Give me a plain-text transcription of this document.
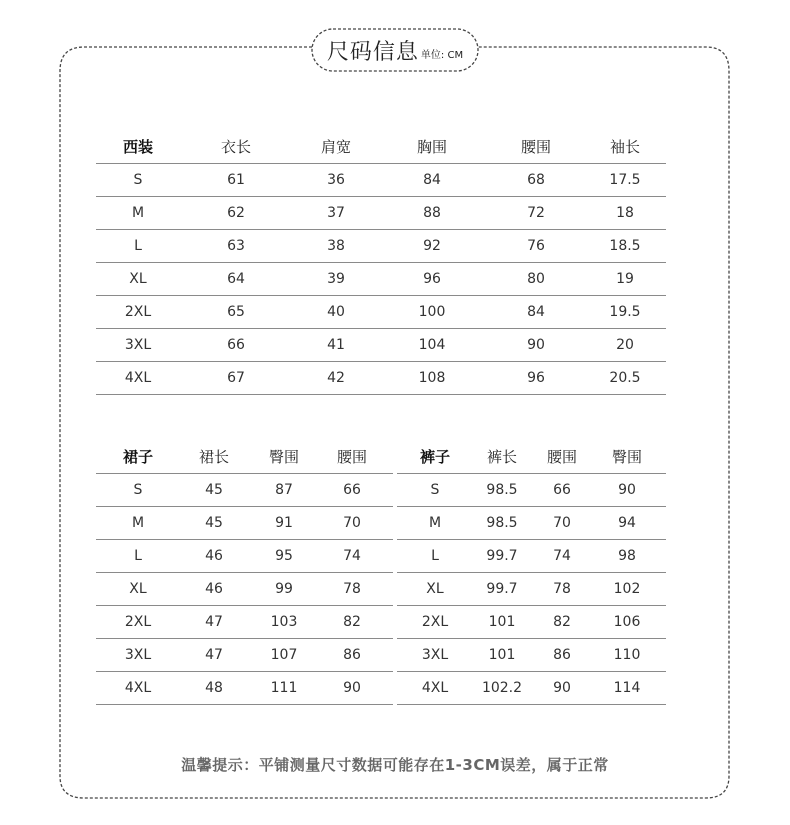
尺码信息 单位: CM
西装	衣长	肩宽	胸围	腰围	袖长
S	61	36	84	68	17.5
M	62	37	88	72	18
L	63	38	92	76	18.5
XL	64	39	96	80	19
2XL	65	40	100	84	19.5
3XL	66	41	104	90	20
4XL	67	42	108	96	20.5
裙子	裙长	臀围	腰围
S	45	87	66
M	45	91	70
L	46	95	74
XL	46	99	78
2XL	47	103	82
3XL	47	107	86
4XL	48	111	90
裤子	裤长	腰围	臀围
S	98.5	66	90
M	98.5	70	94
L	99.7	74	98
XL	99.7	78	102
2XL	101	82	106
3XL	101	86	110
4XL	102.2	90	114
温馨提示：平铺测量尺寸数据可能存在1-3CM误差，属于正常
